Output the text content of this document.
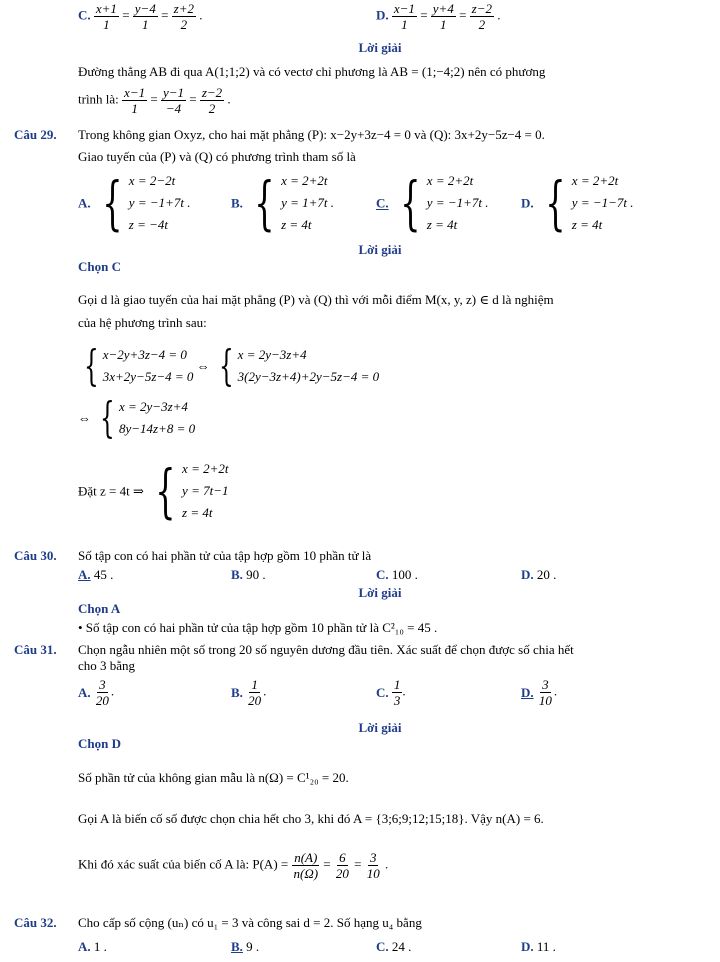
C. $\frac{x+1}{1} = \frac{y-4}{1} = \frac{z+2}{2}$ .	D. $\frac{x-1}{1} = \frac{y+4}{1} = \frac{z-2}{2}$ .
Lời giải
Đường thẳng AB đi qua A(1;1;2) và có vectơ chỉ phương là AB = (1;−4;2) nên có phương
trình là: $\frac{x-1}{1} = \frac{y-1}{-4} = \frac{z-2}{2}$ .
Câu 29. Trong không gian Oxyz, cho hai mặt phẳng (P): x−2y+3z−4 = 0 và (Q): 3x+2y−5z−4 = 0.
Giao tuyến của (P) và (Q) có phương trình tham số là
A. { x = 2−2t
y = −1+7t .
z = −4t
B. { x = 2+2t
y = 1+7t .
z = 4t
C. { x = 2+2t
y = −1+7t .
z = 4t
D. { x = 2+2t
y = −1−7t .
z = 4t
Lời giải
Chọn C
Gọi d là giao tuyến của hai mặt phẳng (P) và (Q) thì với mỗi điểm M(x, y, z) ∈ d là nghiệm
của hệ phương trình sau:
{ x−2y+3z−4 = 0
3x+2y−5z−4 = 0
⇔ { x = 2y−3z+4
3(2y−3z+4)+2y−5z−4 = 0
⇔ { x = 2y−3z+4
8y−14z+8 = 0
Đặt z = 4t ⇒ { x = 2+2t
y = 7t−1
z = 4t
Câu 30. Số tập con có hai phần tử của tập hợp gồm 10 phần tử là
A. 45 .	B. 90 .	C. 100 .	D. 20 .
Lời giải
Chọn A
• Số tập con có hai phần tử của tập hợp gồm 10 phần tử là C²₁₀ = 45 .
Câu 31. Chọn ngẫu nhiên một số trong 20 số nguyên dương đầu tiên. Xác suất để chọn được số chia hết
cho 3 bằng
A. $\frac{3}{20}$ .	B. $\frac{1}{20}$ .	C. $\frac{1}{3}$ .	D. $\frac{3}{10}$ .
Lời giải
Chọn D
Số phần tử của không gian mẫu là n(Ω) = C¹₂₀ = 20.
Gọi A là biến cố số được chọn chia hết cho 3, khi đó A = {3;6;9;12;15;18}. Vậy n(A) = 6.
Khi đó xác suất của biến cố A là: $P(A) = \frac{n(A)}{n(\Omega)} = \frac{6}{20} = \frac{3}{10}$ .
Câu 32. Cho cấp số cộng (uₙ) có u₁ = 3 và công sai d = 2. Số hạng u₄ bằng
A. 1 .	B. 9 .	C. 24 .	D. 11 .
